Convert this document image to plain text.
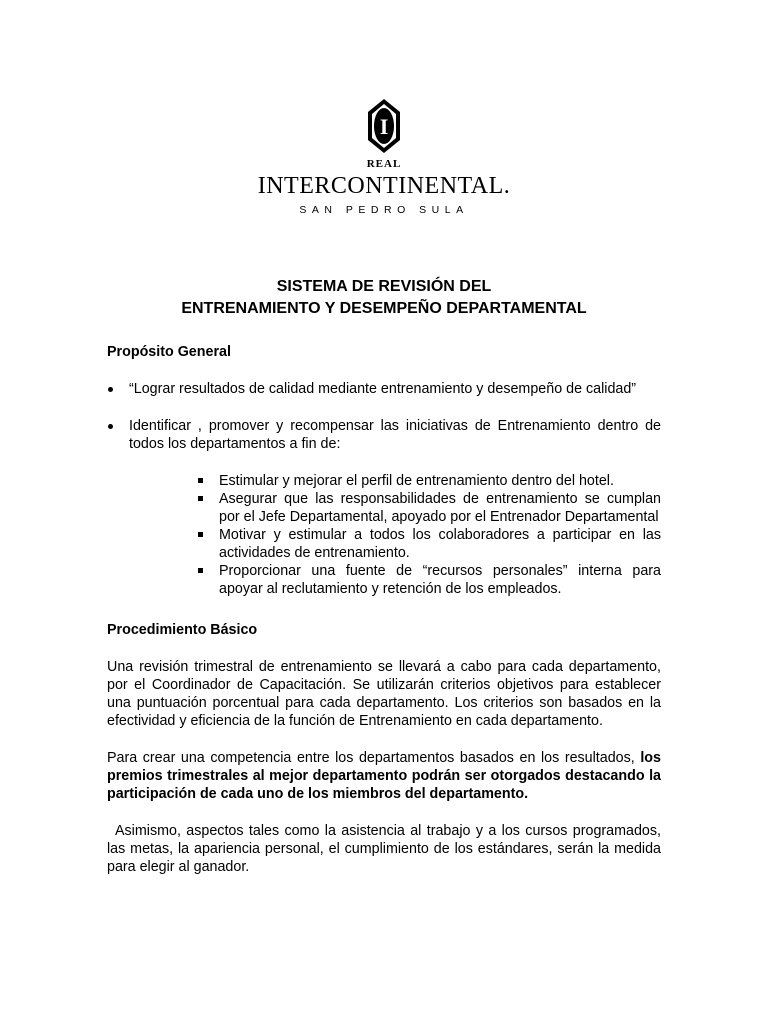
I
REAL
INTERCONTINENTAL.
SAN PEDRO SULA
SISTEMA DE REVISIÓN DEL
ENTRENAMIENTO Y DESEMPEÑO DEPARTAMENTAL
Propósito General
“Lograr resultados de calidad mediante entrenamiento y desempeño de calidad”
Identificar , promover y recompensar las iniciativas de Entrenamiento dentro de todos los departamentos a fin de:
Estimular y mejorar el perfil de entrenamiento dentro del hotel.
Asegurar que las responsabilidades de entrenamiento se cumplan por el Jefe Departamental, apoyado por el Entrenador Departamental
Motivar y estimular a todos los colaboradores a participar en las actividades de entrenamiento.
Proporcionar una fuente de “recursos personales” interna para apoyar al reclutamiento y retención de los empleados.
Procedimiento Básico

Una revisión trimestral de entrenamiento se llevará a cabo para cada departamento, por el Coordinador de Capacitación. Se utilizarán criterios objetivos para establecer una puntuación porcentual para cada departamento. Los criterios son basados en la efectividad y eficiencia de la función de Entrenamiento en cada departamento.

Para crear una competencia entre los departamentos basados en los resultados, los premios trimestrales al mejor departamento podrán ser otorgados destacando la participación de cada uno de los miembros del departamento.

Asimismo, aspectos tales como la asistencia al trabajo y a los cursos programados, las metas, la apariencia personal, el cumplimiento de los estándares, serán la medida para elegir al ganador.
